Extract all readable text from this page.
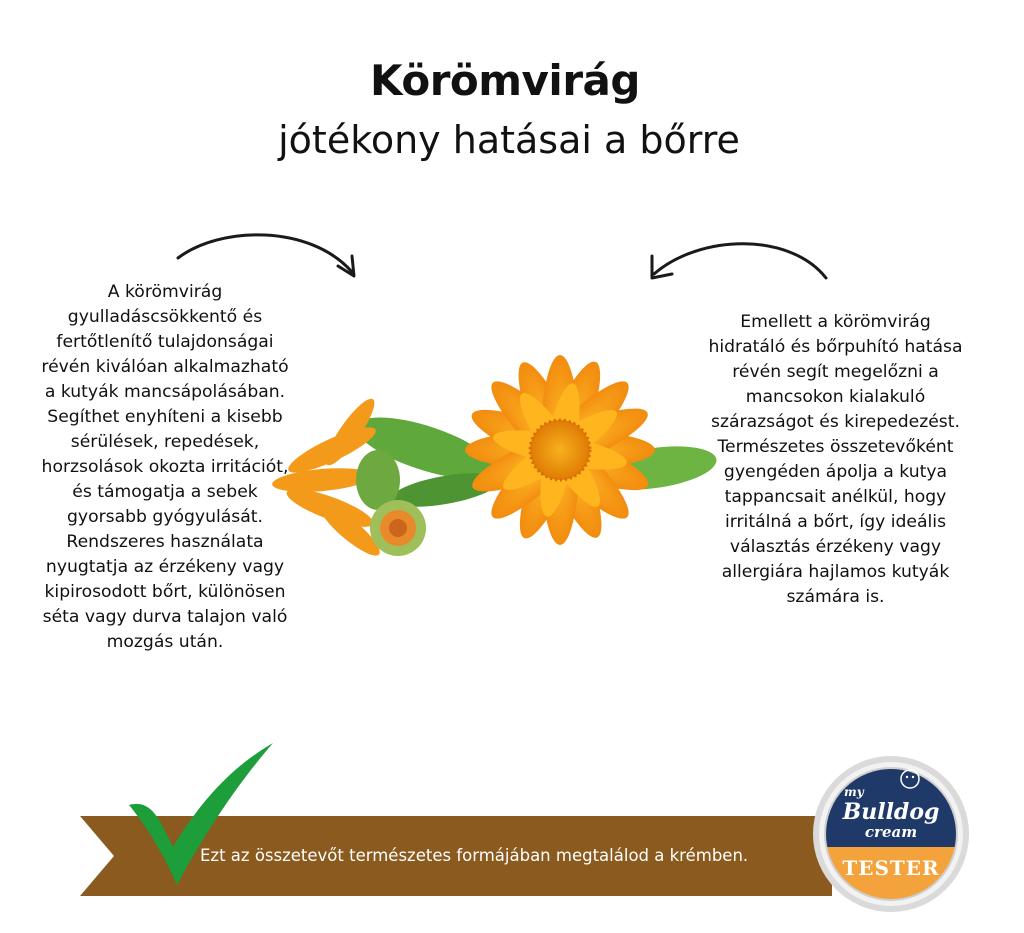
Körömvirág
jótékony hatásai a bőrre

A körömvirág gyulladáscsökkentő és fertőtlenítő tulajdonságai révén kiválóan alkalmazható a kutyák mancsápolásában. Segíthet enyhíteni a kisebb sérülések, repedések, horzsolások okozta irritációt, és támogatja a sebek gyorsabb gyógyulását. Rendszeres használata nyugtatja az érzékeny vagy kipirosodott bőrt, különösen séta vagy durva talajon való mozgás után.

Emellett a körömvirág hidratáló és bőrpuhító hatása révén segít megelőzni a mancsokon kialakuló szárazságot és kirepedezést. Természetes összetevőként gyengéden ápolja a kutya tappancsait anélkül, hogy irritálná a bőrt, így ideális választás érzékeny vagy allergiára hajlamos kutyák számára is.

Ezt az összetevőt természetes formájában megtalálod a krémben.
my
Bulldog
cream
TESTER
